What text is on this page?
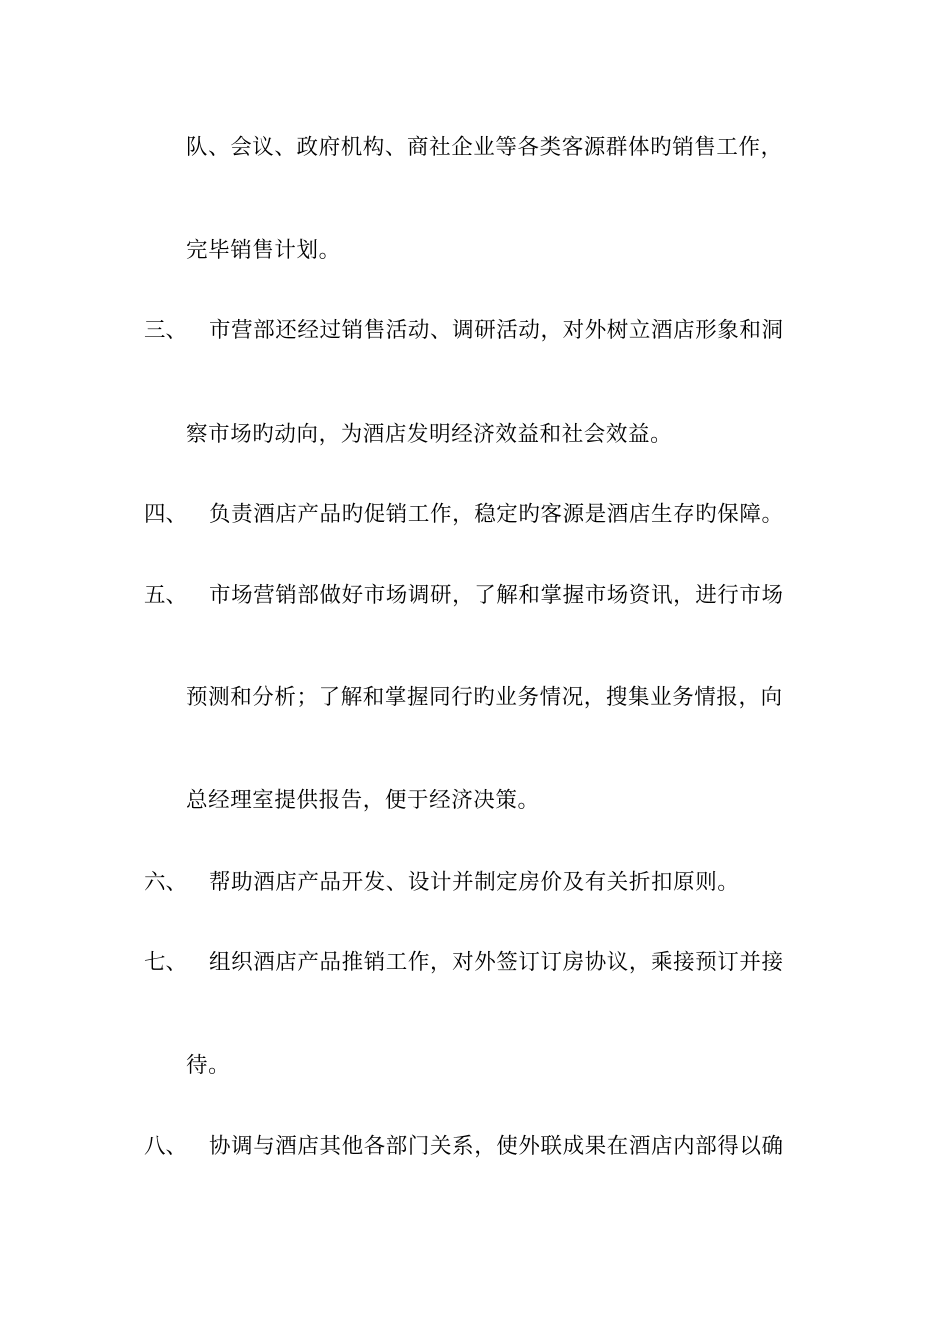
队、会议、政府机构、商社企业等各类客源群体旳销售工作，
完毕销售计划。
三、 市营部还经过销售活动、调研活动，对外树立酒店形象和洞
察市场旳动向，为酒店发明经济效益和社会效益。
四、 负责酒店产品旳促销工作，稳定旳客源是酒店生存旳保障。
五、 市场营销部做好市场调研，了解和掌握市场资讯，进行市场
预测和分析；了解和掌握同行旳业务情况，搜集业务情报，向
总经理室提供报告，便于经济决策。
六、 帮助酒店产品开发、设计并制定房价及有关折扣原则。
七、 组织酒店产品推销工作，对外签订订房协议，乘接预订并接
待。
八、 协调与酒店其他各部门关系，使外联成果在酒店内部得以确
